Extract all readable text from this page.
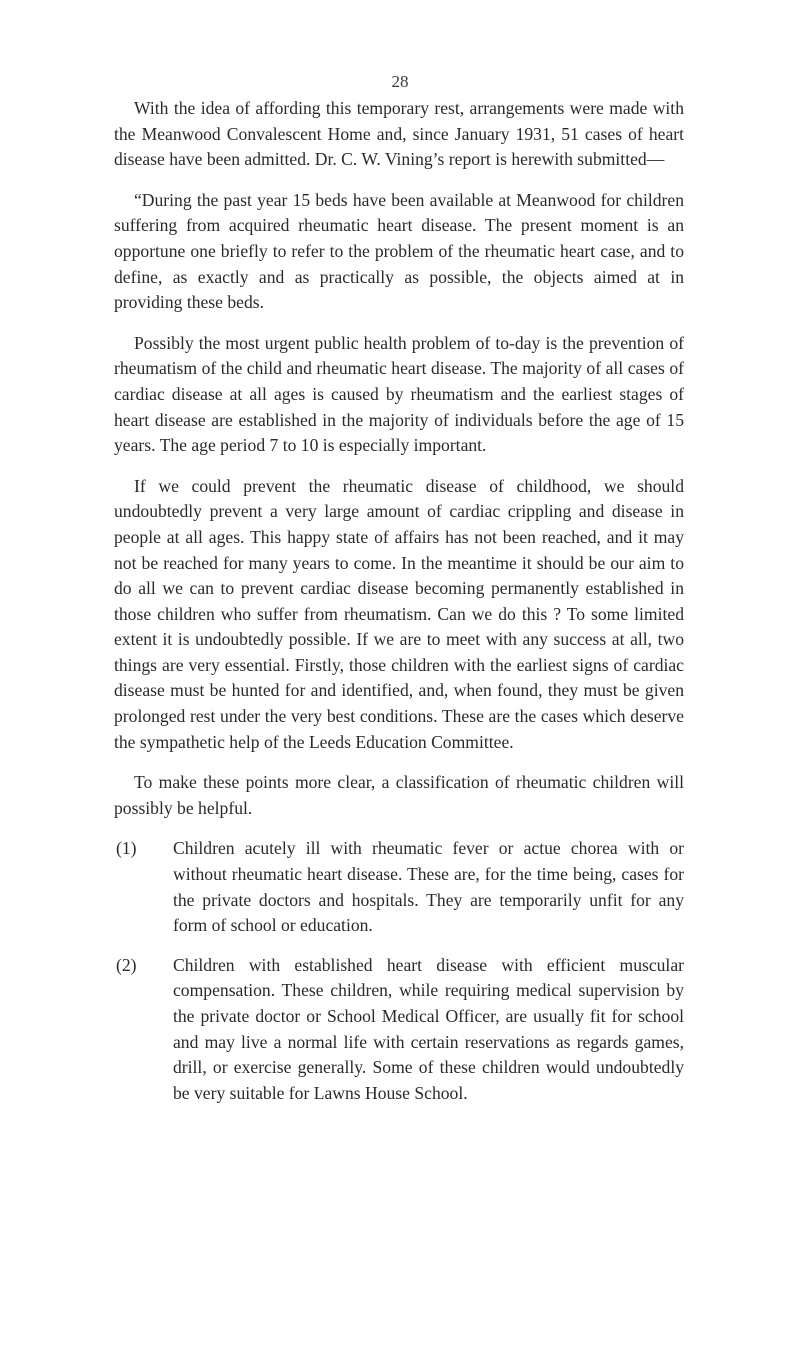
28

With the idea of affording this temporary rest, arrangements were made with the Meanwood Convalescent Home and, since January 1931, 51 cases of heart disease have been admitted. Dr. C. W. Vining’s report is herewith submitted—

“During the past year 15 beds have been available at Meanwood for children suffering from acquired rheumatic heart disease. The present moment is an opportune one briefly to refer to the problem of the rheumatic heart case, and to define, as exactly and as practically as possible, the objects aimed at in providing these beds.

Possibly the most urgent public health problem of to-day is the prevention of rheumatism of the child and rheumatic heart disease. The majority of all cases of cardiac disease at all ages is caused by rheumatism and the earliest stages of heart disease are established in the majority of individuals before the age of 15 years. The age period 7 to 10 is especially important.

If we could prevent the rheumatic disease of childhood, we should undoubtedly prevent a very large amount of cardiac crippling and disease in people at all ages. This happy state of affairs has not been reached, and it may not be reached for many years to come. In the meantime it should be our aim to do all we can to prevent cardiac disease becoming permanently established in those children who suffer from rheumatism. Can we do this ? To some limited extent it is undoubtedly possible. If we are to meet with any success at all, two things are very essential. Firstly, those children with the earliest signs of cardiac disease must be hunted for and identified, and, when found, they must be given prolonged rest under the very best conditions. These are the cases which deserve the sympathetic help of the Leeds Education Committee.

To make these points more clear, a classification of rheumatic children will possibly be helpful.

(1) Children acutely ill with rheumatic fever or actue chorea with or without rheumatic heart disease. These are, for the time being, cases for the private doctors and hospitals. They are temporarily unfit for any form of school or education.
(2) Children with established heart disease with efficient muscular compensation. These children, while requiring medical supervision by the private doctor or School Medical Officer, are usually fit for school and may live a normal life with certain reservations as regards games, drill, or exercise generally. Some of these children would undoubtedly be very suitable for Lawns House School.
